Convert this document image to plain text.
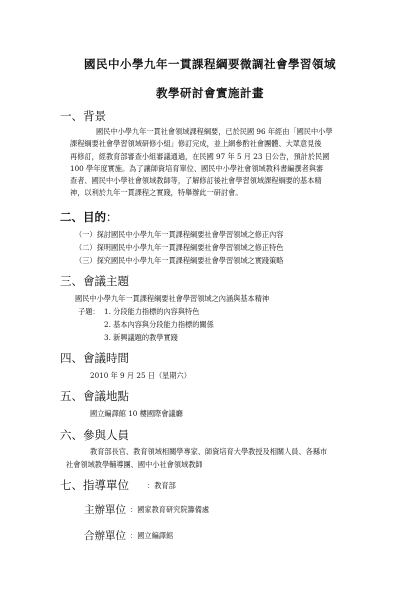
國民中小學九年一貫課程綱要微調社會學習領域
教學研討會實施計畫
一、背景
國民中小學九年一貫社會領域課程綱要，已於民國 96 年經由「國民中小學
課程綱要社會學習領域研修小組」修訂完成，並上網參酌社會團體、大眾意見後
再修訂，經教育部審查小組審議通過，在民國 97 年 5 月 23 日公告，預計於民國
100 學年度實施。為了讓師資培育單位、國民中小學社會領域教科書編撰者與審
查者、國民中小學社會領域教師等，了解修訂後社會學習領域課程綱要的基本精
神，以利於九年一貫課程之實踐，特舉辦此一研討會。
二、目的：
（一）探討國民中小學九年一貫課程綱要社會學習領域之修正內容
（二）探明國民中小學九年一貫課程綱要社會學習領域之修正特色
（三）探究國民中小學九年一貫課程綱要社會學習領域之實踐策略
三、會議主題
國民中小學九年一貫課程綱要社會學習領域之內涵與基本精神
子題： 1. 分段能力指標的內容與特色
2. 基本內容與分段能力指標的關係
3. 新興議題的教學實踐
四、會議時間
2010 年 9 月 25 日（星期六）
五、會議地點
國立編譯館 10 樓國際會議廳
六、參與人員
教育部長官、教育領域相關學專家、師資培育大學教授及相關人員、各縣市
社會領域教學輔導團、國中小社會領域教師
七、指導單位	：教育部
主辦單位 ：國家教育研究院籌備處
合辦單位 ：國立編譯館
